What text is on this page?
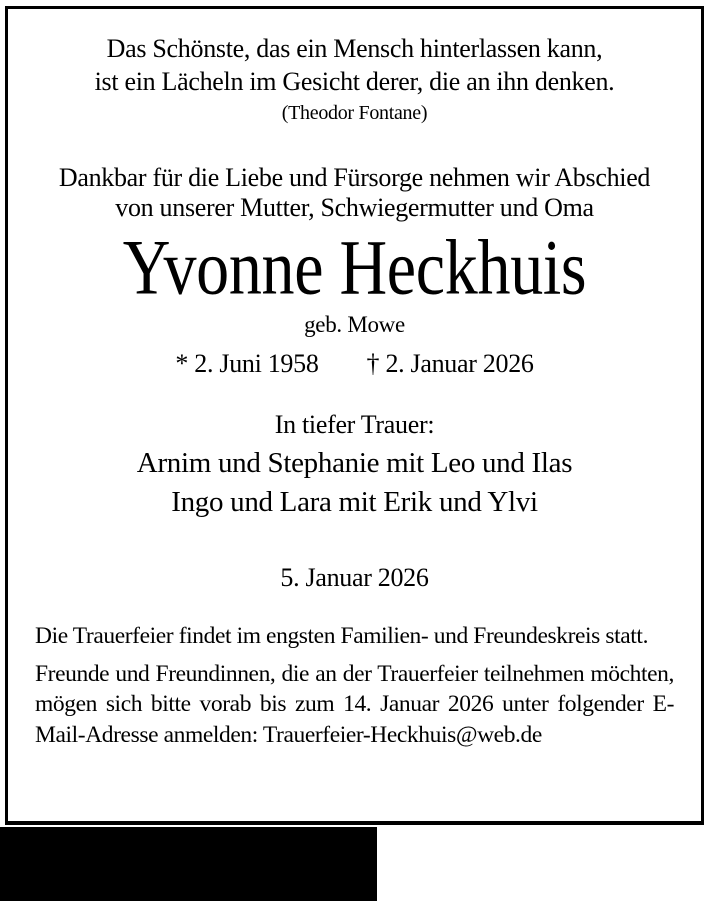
Das Schönste, das ein Mensch hinterlassen kann,
ist ein Lächeln im Gesicht derer, die an ihn denken.
(Theodor Fontane)
Dankbar für die Liebe und Fürsorge nehmen wir Abschied
von unserer Mutter, Schwiegermutter und Oma
Yvonne Heckhuis
geb. Mowe
* 2. Juni 1958 † 2. Januar 2026
In tiefer Trauer:
Arnim und Stephanie mit Leo und Ilas
Ingo und Lara mit Erik und Ylvi
5. Januar 2026

Die Trauerfeier findet im engsten Familien- und Freundeskreis statt.

Freunde und Freundinnen, die an der Trauerfeier teilnehmen möchten, mögen sich bitte vorab bis zum 14. Januar 2026 unter folgender E-Mail-Adresse anmelden: Trauerfeier-Heckhuis@web.de
